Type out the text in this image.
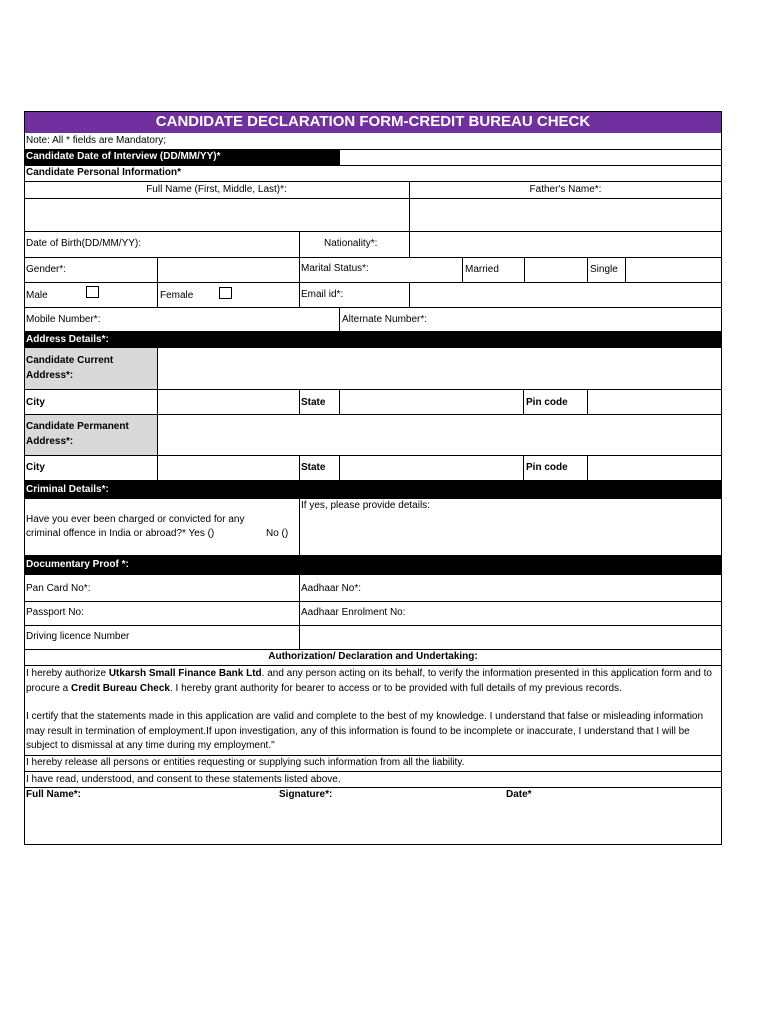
CANDIDATE DECLARATION FORM-CREDIT BUREAU CHECK
Note: All * fields are Mandatory;
Candidate Date of Interview (DD/MM/YY)*
Candidate Personal Information*
Full Name (First, Middle, Last)*:	Father's Name*:
Date of Birth(DD/MM/YY):	Nationality*:
Gender*:	Marital Status*:	Married	Single
Male	Female	Email id*:
Mobile Number*:	Alternate Number*:
Address Details*:
Candidate Current
Address*:
City	State	Pin code
Candidate Permanent
Address*:
City	State	Pin code
Criminal Details*:
Have you ever been charged or convicted for any
criminal offence in India or abroad?* Yes ()	No ()
If yes, please provide details:
Documentary Proof *:
Pan Card No*:	Aadhaar No*:
Passport No:	Aadhaar Enrolment No:
Driving licence Number
Authorization/ Declaration and Undertaking:
I hereby authorize Utkarsh Small Finance Bank Ltd. and any person acting on its behalf, to verify the information presented in this application form and to procure a Credit Bureau Check. I hereby grant authority for bearer to access or to be provided with full details of my previous records.
I certify that the statements made in this application are valid and complete to the best of my knowledge. I understand that false or misleading information may result in termination of employment.If upon investigation, any of this information is found to be incomplete or inaccurate, I understand that I will be subject to dismissal at any time during my employment."
I hereby release all persons or entities requesting or supplying such information from all the liability.
I have read, understood, and consent to these statements listed above.
Full Name*:	Signature*:	Date*
